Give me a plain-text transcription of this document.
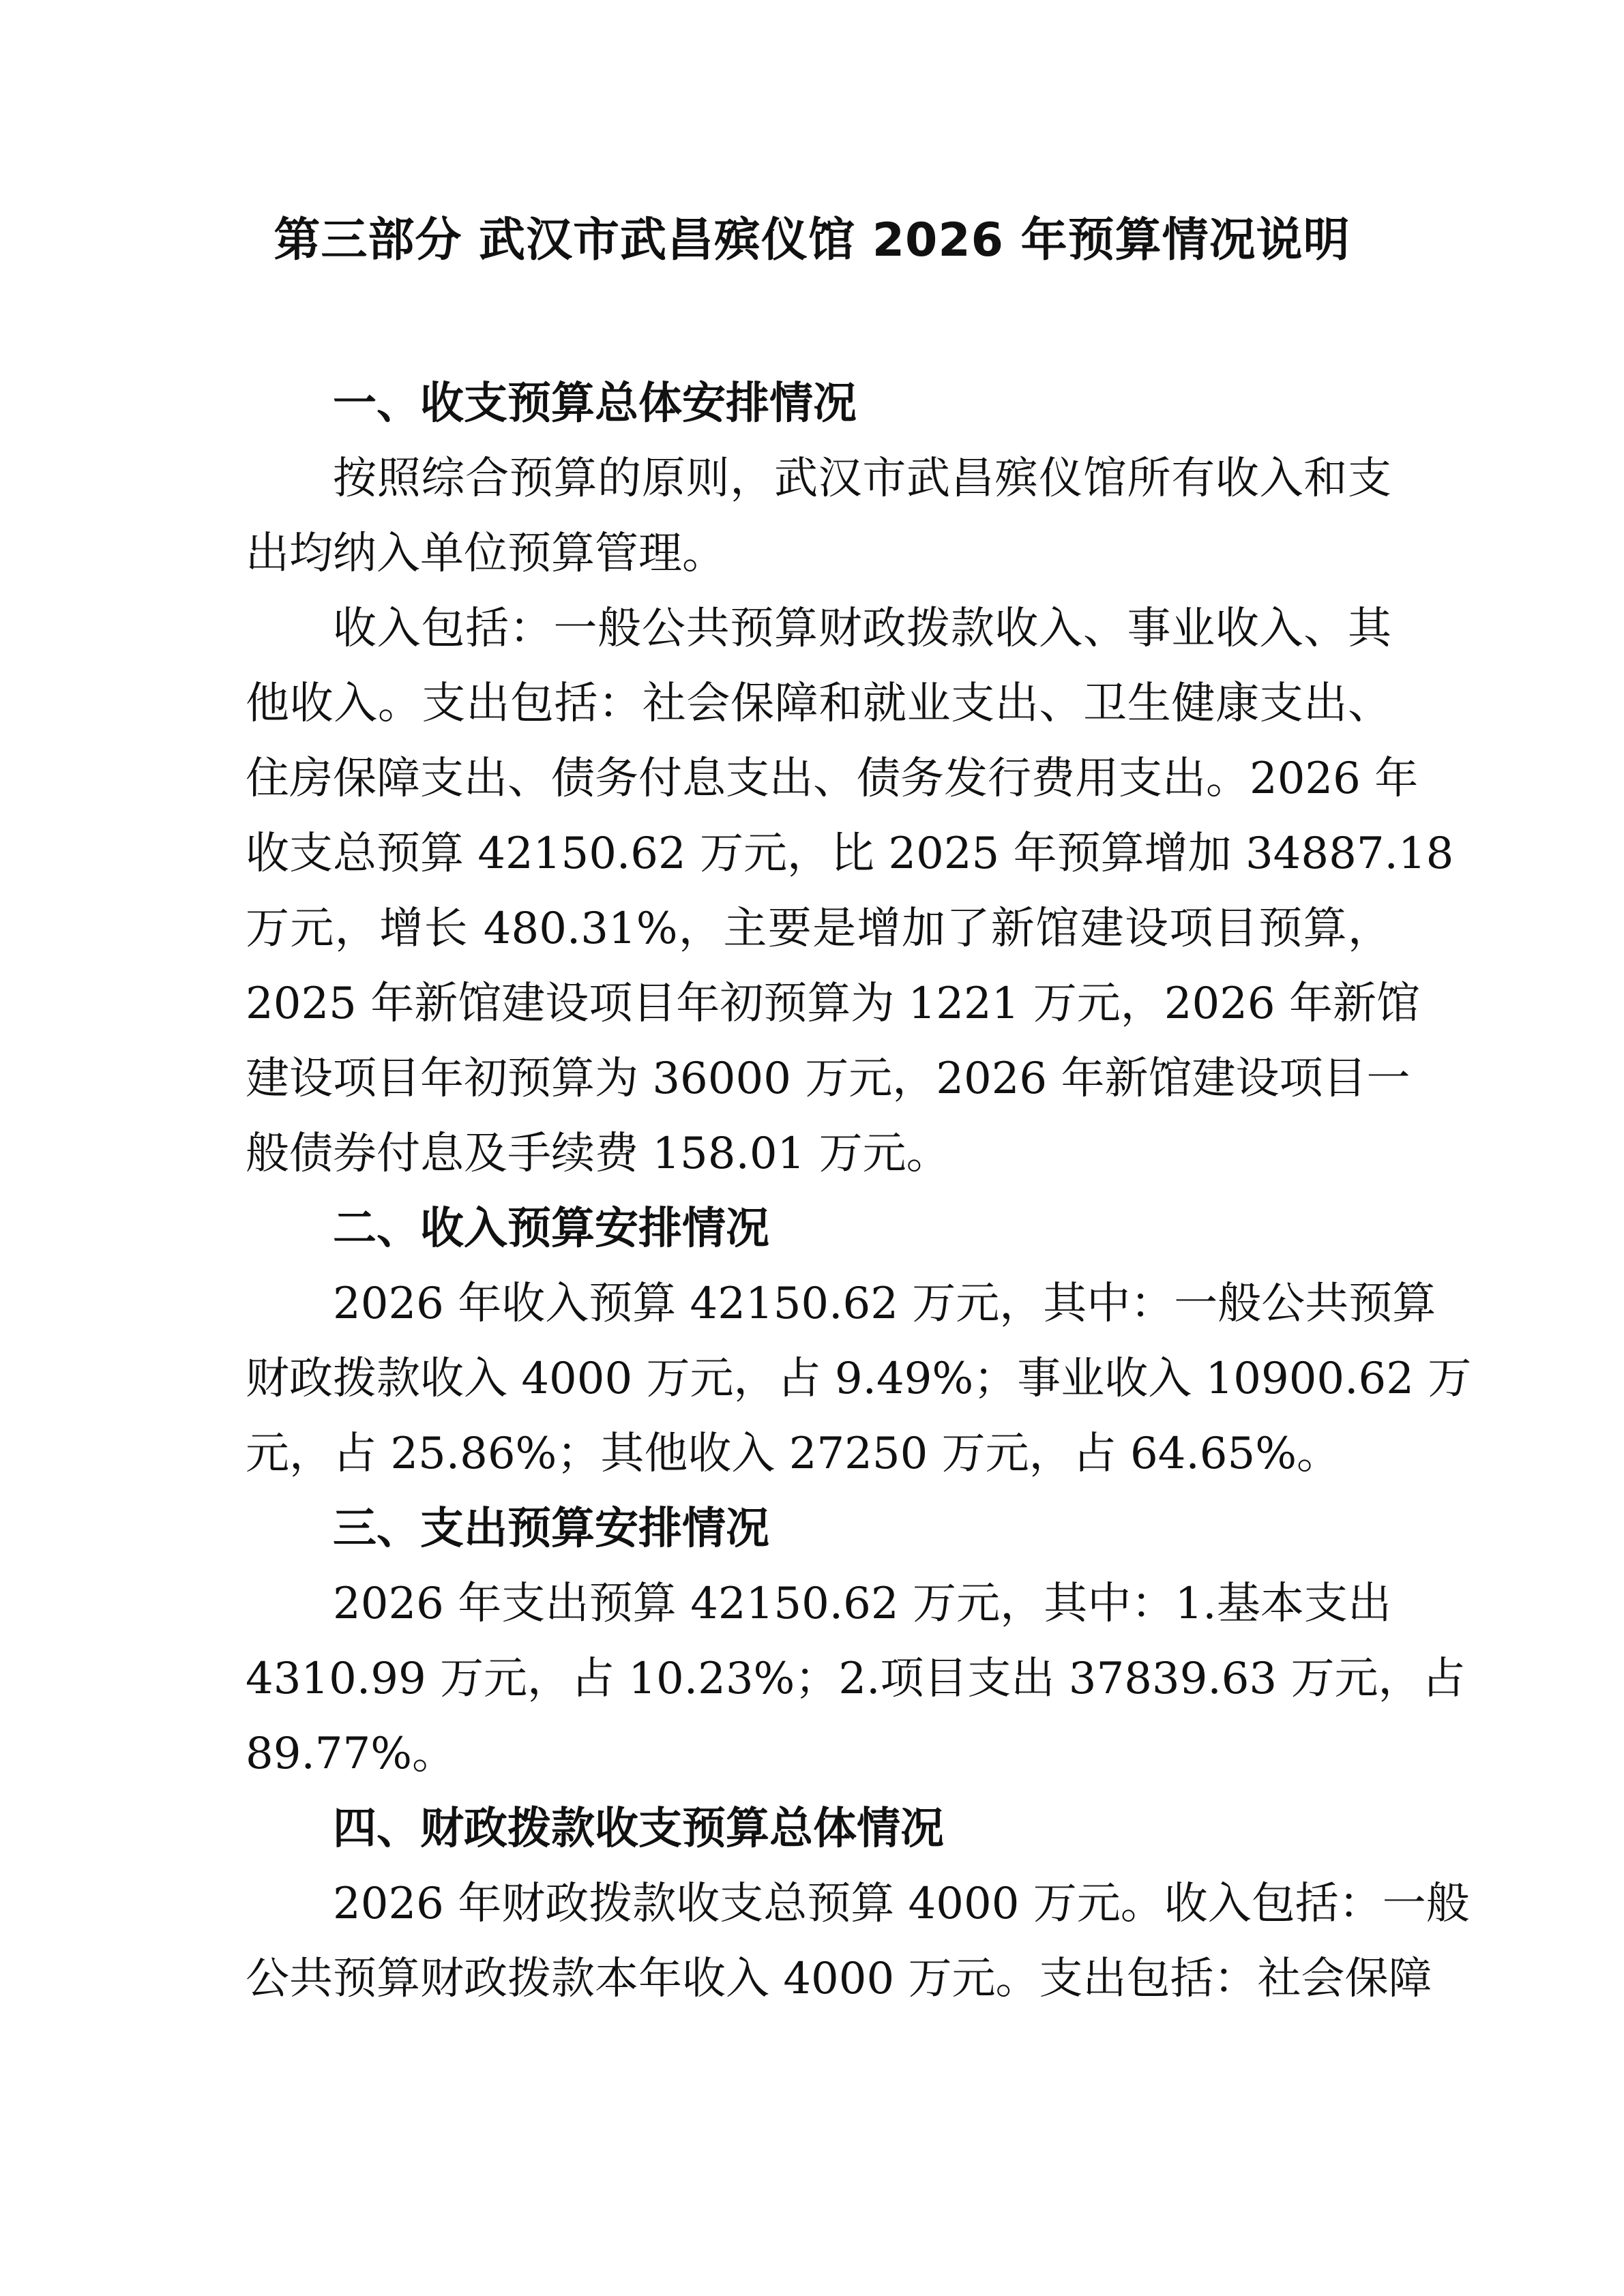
第三部分 武汉市武昌殡仪馆 2026 年预算情况说明
一、收支预算总体安排情况
按照综合预算的原则，武汉市武昌殡仪馆所有收入和支
出均纳入单位预算管理。
收入包括：一般公共预算财政拨款收入、事业收入、其
他收入。支出包括：社会保障和就业支出、卫生健康支出、
住房保障支出、债务付息支出、债务发行费用支出。2026 年
收支总预算 42150.62 万元，比 2025 年预算增加 34887.18
万元，增长 480.31%，主要是增加了新馆建设项目预算，
2025 年新馆建设项目年初预算为 1221 万元，2026 年新馆
建设项目年初预算为 36000 万元，2026 年新馆建设项目一
般债券付息及手续费 158.01 万元。
二、收入预算安排情况
2026 年收入预算 42150.62 万元，其中：一般公共预算
财政拨款收入 4000 万元，占 9.49%；事业收入 10900.62 万
元，占 25.86%；其他收入 27250 万元，占 64.65%。
三、支出预算安排情况
2026 年支出预算 42150.62 万元，其中：1.基本支出
4310.99 万元，占 10.23%；2.项目支出 37839.63 万元，占
89.77%。
四、财政拨款收支预算总体情况
2026 年财政拨款收支总预算 4000 万元。收入包括：一般
公共预算财政拨款本年收入 4000 万元。支出包括：社会保障
